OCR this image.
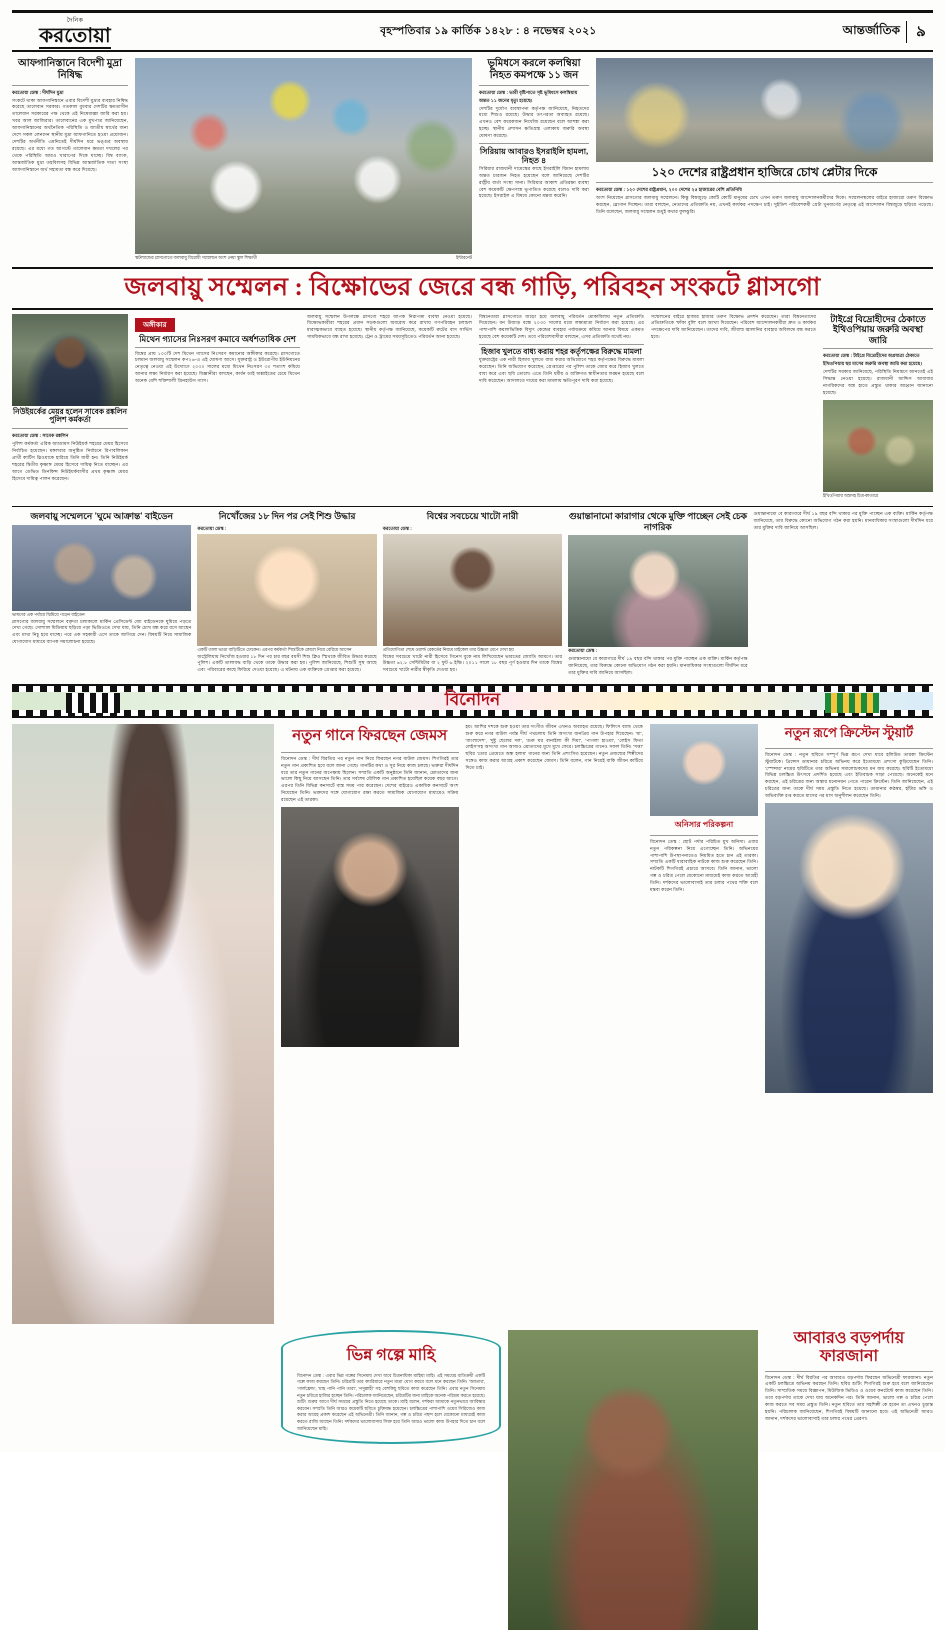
দৈনিক
করতোয়া	বৃহস্পতিবার ১৯ কার্তিক ১৪২৮ : ৪ নভেম্বর ২০২১	আন্তর্জাতিক ৯
আফগানিস্তানে বিদেশী মুদ্রা নিষিদ্ধ
করতোয়া ডেস্ক : দীর্ঘদিন মুদ্রা
সংকটে থাকা আফগানিস্তানে এবার বিদেশী মুদ্রার ব্যবহার নিষিদ্ধ করেছে তালেবান সরকার। গতকাল বুধবার দেশটির ক্ষমতাসীন তালেবান সরকারের পক্ষ থেকে এই নিষেধাজ্ঞা জারি করা হয়। খবর আল জাজিরার। তালেবানের এক মুখপাত্র জানিয়েছেন, আফগানিস্তানের অর্থনৈতিক পরিস্থিতি ও জাতীয় স্বার্থের জন্য দেশে সকল লেনদেন স্থানীয় মুদ্রা আফগানিতে হওয়া প্রয়োজন। দেশটির অর্থনীতি এমনিতেই দীর্ঘদিন ধরে ভঙ্গুর অবস্থায় রয়েছে। এর মধ্যে গত আগস্টে তালেবান ক্ষমতা দখলের পর থেকে পরিস্থিতি আরও খারাপের দিকে যাচ্ছে। বিশ্ব ব্যাংক, আন্তর্জাতিক মুদ্রা তহবিলসহ বিভিন্ন আন্তর্জাতিক দাতা সংস্থা আফগানিস্তানে অর্থ সহায়তা বন্ধ করে দিয়েছে।
স্কটল্যান্ডের গ্লাসগোতে জলবায়ু বিরোধী সম্মেলনে অংশ নেয়া স্কুল শিক্ষার্থী	ইন্টারনেট
ভূমিধসে করলে কলম্বিয়া নিহত কমপক্ষে ১১ জন
করতোয়া ডেস্ক : ভারী বৃষ্টিপাতে সৃষ্ট ভূমিধসে কলম্বিয়ায় অন্তত ১১ জনের মৃত্যু হয়েছে।
দেশটির দুর্যোগ ব্যবস্থাপনা কর্তৃপক্ষ জানিয়েছে, নিহতদের মধ্যে শিশুও রয়েছে। উদ্ধার তৎপরতা অব্যাহত রয়েছে। এখনও বেশ কয়েকজন নিখোঁজ রয়েছেন বলে আশঙ্কা করা হচ্ছে। স্থানীয় প্রশাসন ক্ষতিগ্রস্ত এলাকায় জরুরি অবস্থা ঘোষণা করেছে।
সিরিয়ায় আবারও ইসরাইলি হামলা, নিহত ৪
সিরিয়ার রাজধানী দামেস্কের কাছে ইসরাইলি বিমান হামলায় অন্তত চারজন নিহত হয়েছেন বলে জানিয়েছে দেশটির রাষ্ট্রীয় বার্তা সংস্থা সানা। সিরিয়ার আকাশ প্রতিরক্ষা ব্যবস্থা বেশ কয়েকটি ক্ষেপণাস্ত্র ভূপাতিত করেছে বলেও দাবি করা হয়েছে। ইসরাইল এ বিষয়ে কোনো মন্তব্য করেনি।
১২০ দেশের রাষ্ট্রপ্রধান হাজিরে চোখ প্লেটার দিকে
করতোয়া ডেস্ক : ১২০ দেশের রাষ্ট্রপ্রধান, ২০০ দেশের ২৫ হাজারের বেশি প্রতিনিধি
অংশ নিয়েছেন গ্লাসগোর জলবায়ু সম্মেলনে। কিন্তু বিশ্বজুড়ে কোটি কোটি মানুষের চোখ এখন তরুণ জলবায়ু আন্দোলনকর্মীদের দিকে। সম্মেলনস্থলের বাইরে হাজারো তরুণ বিক্ষোভ করছেন, স্লোগান দিচ্ছেন। তারা বলছেন, নেতাদের প্রতিশ্রুতি নয়, এখনই কার্যকর পদক্ষেপ চাই। সুইডিশ পরিবেশকর্মী গ্রেটা থুনবার্গের নেতৃত্বে এই আন্দোলন বিশ্বজুড়ে ছড়িয়ে পড়েছে। তিনি বলেছেন, জলবায়ু সম্মেলন শুধুই কথার ফুলঝুরি।
জলবায়ু সম্মেলন : বিক্ষোভের জেরে বন্ধ গাড়ি, পরিবহন সংকটে গ্লাসগো
নিউইয়র্কের মেয়র হলেন সাবেক রঙ্কলিন পুলিশ কর্মকর্তা
করতোয়া ডেস্ক : সাবেক রঙ্কলিন
পুলিশ কর্মকর্তা এরিক অ্যাডামস নিউইয়র্ক শহরের মেয়র হিসেবে নির্বাচিত হয়েছেন। মঙ্গলবার অনুষ্ঠিত নির্বাচনে রিপাবলিকান প্রার্থী কার্টিস স্লিওয়াকে হারিয়ে তিনি জয়ী হন। তিনি নিউইয়র্ক শহরের দ্বিতীয় কৃষ্ণাঙ্গ মেয়র হিসেবে দায়িত্ব নিতে যাচ্ছেন। এর আগে ডেভিড ডিনকিন্স নিউইয়র্কবাসীর প্রথম কৃষ্ণাঙ্গ মেয়র হিসেবে দায়িত্ব পালন করেছেন।
অঙ্গীকার
মিথেন গ্যাসের নিঃসরণ কমাবে অর্ধশতাধিক দেশ
বিশ্বের প্রায় ১০০টি দেশ মিথেন গ্যাসের নিঃসরণ কমানোর অঙ্গীকার করেছে। গ্লাসগোতে চলমান জলবায়ু সম্মেলন কপ২৬-এ এই ঘোষণা আসে। যুক্তরাষ্ট্র ও ইউরোপীয় ইউনিয়নের নেতৃত্বে নেওয়া এই উদ্যোগে ২০৩০ সালের মধ্যে মিথেন নিঃসরণ ৩০ শতাংশ কমিয়ে আনার লক্ষ্য নির্ধারণ করা হয়েছে। বিজ্ঞানীরা বলছেন, কার্বন ডাই অক্সাইডের চেয়ে মিথেন অনেক বেশি শক্তিশালী গ্রিনহাউস গ্যাস।
জলবায়ু সম্মেলন উপলক্ষে গ্লাসগো শহরে ব্যাপক নিরাপত্তা ব্যবস্থা নেওয়া হয়েছে। বিক্ষোভকারীরা শহরের প্রধান সড়কগুলো অবরোধ করে রাখায় গণপরিবহন চলাচল মারাত্মকভাবে ব্যাহত হয়েছে। স্থানীয় কর্তৃপক্ষ জানিয়েছে, কয়েকটি রুটের বাস সার্ভিস সাময়িকভাবে বন্ধ রাখা হয়েছে। ট্রেন ও ট্রামের সময়সূচিতেও পরিবর্তন আনা হয়েছে।
বিশ্বনেতারা গ্লাসগোতে জড়ো হয়ে জলবায়ু পরিবর্তন মোকাবিলায় নতুন প্রতিশ্রুতি দিয়েছেন। বন উজাড় বন্ধে ২০৩০ সালের মধ্যে লক্ষ্যমাত্রা নির্ধারণ করা হয়েছে। এর পাশাপাশি কয়লাভিত্তিক বিদ্যুৎ কেন্দ্রের ব্যবহার পর্যায়ক্রমে কমিয়ে আনার বিষয়ে একমত হয়েছে বেশ কয়েকটি দেশ। তবে পরিবেশবাদীরা বলছেন, এসব প্রতিশ্রুতি যথেষ্ট নয়।
হিজাব খুলতে বাধ্য করায় শহর কর্তৃপক্ষের বিরুদ্ধে মামলা
যুক্তরাষ্ট্রের এক নারী হিজাব খুলতে বাধ্য করার অভিযোগে শহর কর্তৃপক্ষের বিরুদ্ধে মামলা করেছেন। তিনি অভিযোগ করেছেন, গ্রেপ্তারের পর পুলিশ তাকে জোর করে হিজাব খুলতে বাধ্য করে এবং ছবি তোলে। এতে তিনি ধর্মীয় ও ব্যক্তিগত স্বাধীনতার লঙ্ঘন হয়েছে বলে দাবি করেছেন। আদালতে দায়ের করা মামলায় ক্ষতিপূরণ দাবি করা হয়েছে।
সম্মেলনের বাইরে হাজার হাজার তরুণ বিক্ষোভ প্রদর্শন করেছেন। তারা বিশ্বনেতাদের প্রতিশ্রুতিকে 'ফাঁকা বুলি' বলে আখ্যা দিয়েছেন। পরিবেশ আন্দোলনকর্মীরা দ্রুত ও কার্যকর পদক্ষেপের দাবি জানিয়েছেন। তাদের দাবি, জীবাশ্ম জ্বালানির ব্যবহার অবিলম্বে বন্ধ করতে হবে।
টাইগ্রে বিদ্রোহীদের ঠেকাতে ইথিওপিয়ায় জরুরি অবস্থা জারি
করতোয়া ডেস্ক : টাইগ্রে বিদ্রোহীদের অগ্রযাত্রা ঠেকাতে ইথিওপিয়ায় ছয় মাসের জরুরি অবস্থা জারি করা হয়েছে।
দেশটির সরকার জানিয়েছে, পরিস্থিতি নিয়ন্ত্রণে আনতেই এই সিদ্ধান্ত নেওয়া হয়েছে। রাজধানী আদ্দিস আবাবার নাগরিকদের অস্ত্র হাতে প্রস্তুত থাকার আহ্বান জানানো হয়েছে।
ইথিওপিয়ায় অস্ত্রসহ চিত্র-কাতারে
জলবায়ু সম্মেলনে 'ঘুমে আক্রান্ত' বাইডেন
ভাষণের এক পর্যায়ে ঝিমিয়ে পড়েন বাইডেন
গ্লাসগোর জলবায়ু সম্মেলনে বক্তৃতা চলাকালে মার্কিন প্রেসিডেন্ট জো বাইডেনকে ঘুমিয়ে পড়তে দেখা গেছে। সোশ্যাল মিডিয়ায় ছড়িয়ে পড়া ভিডিওতে দেখা যায়, তিনি চোখ বন্ধ করে বসে আছেন এবং মাথা নিচু হয়ে যাচ্ছে। পরে এক সহকারী এসে তাকে জাগিয়ে দেন। বিষয়টি নিয়ে সামাজিক যোগাযোগ মাধ্যমে ব্যাপক সমালোচনা হয়েছে।
নিখোঁজের ১৮ দিন পর সেই শিশু উদ্ধার
করতোয়া ডেস্ক :
একটি তালা ভাঙা বাড়িটিতে ঢোকেন। এরপর কর্মকর্তা শিশুটিকে কোলে নিয়ে বেরিয়ে আসেন
অস্ট্রেলিয়ায় নিখোঁজ হওয়ার ১৮ দিন পর চার বছর বয়সী শিশু ক্লিও স্মিথকে জীবিত উদ্ধার করেছে পুলিশ। একটি তালাবদ্ধ বাড়ি থেকে তাকে উদ্ধার করা হয়। পুলিশ জানিয়েছে, শিশুটি সুস্থ আছে এবং পরিবারের কাছে ফিরিয়ে দেওয়া হয়েছে। এ ঘটনায় এক ব্যক্তিকে গ্রেপ্তার করা হয়েছে।
বিশ্বের সবচেয়ে খাটো নারী
করতোয়া ডেস্ক :
প্রতিযোগিতা শেষে ওয়ার্ল্ড রেকর্ডের নিয়মে মাইকেল তার উচ্চতা মেপে দেখা হয়
বিশ্বের সবচেয়ে খাটো নারী হিসেবে গিনেস বুকে নাম লিখিয়েছেন ভারতের জ্যোতি আমগে। তার উচ্চতা ৬২.৮ সেন্টিমিটার বা ২ ফুট ৬ ইঞ্চি। ২০১১ সালে ১৮ বছর পূর্ণ হওয়ার দিন তাকে বিশ্বের সবচেয়ে খাটো নারীর স্বীকৃতি দেওয়া হয়।
গুয়ান্তানামো কারাগার থেকে মুক্তি পাচ্ছেন সেই চেক নাগরিক
করতোয়া ডেস্ক :
গুয়ান্তানামো বে কারাগারে দীর্ঘ ১৯ বছর বন্দি থাকার পর মুক্তি পাচ্ছেন এক ব্যক্তি। মার্কিন কর্তৃপক্ষ জানিয়েছে, তার বিরুদ্ধে কোনো অভিযোগ গঠন করা হয়নি। মানবাধিকার সংস্থাগুলো দীর্ঘদিন ধরে তার মুক্তির দাবি জানিয়ে আসছিল।
গুয়ান্তানামো বে কারাগারে দীর্ঘ ১৯ বছর বন্দি থাকার পর মুক্তি পাচ্ছেন এক ব্যক্তি। মার্কিন কর্তৃপক্ষ জানিয়েছে, তার বিরুদ্ধে কোনো অভিযোগ গঠন করা হয়নি। মানবাধিকার সংস্থাগুলো দীর্ঘদিন ধরে তার মুক্তির দাবি জানিয়ে আসছিল।
বিনোদন
নতুন গানে ফিরছেন জেমস
বিনোদন ডেস্ক : দীর্ঘ বিরতির পর নতুন গান নিয়ে ফিরছেন নগর বাউল জেমস। শিগগিরই তার নতুন গান প্রকাশিত হবে বলে জানা গেছে। গানটির কথা ও সুর নিয়ে কাজ চলছে। ভক্তরা দীর্ঘদিন ধরে তার নতুন গানের অপেক্ষায় ছিলেন। সম্প্রতি একটি অনুষ্ঠানে তিনি জানান, শ্রোতাদের জন্য ভালো কিছু নিয়ে আসছেন তিনি। তার সর্বশেষ মৌলিক গান প্রকাশিত হয়েছিল কয়েক বছর আগে। এরপর তিনি বিভিন্ন কনসার্টে ব্যস্ত সময় পার করেছেন। দেশের বাইরেও একাধিক কনসার্টে অংশ নিয়েছেন তিনি। ভক্তদের সঙ্গে যোগাযোগ রক্ষা করতে সামাজিক যোগাযোগ মাধ্যমেও সক্রিয় রয়েছেন এই তারকা।
হয়। আশির দশকে শুরু হওয়া তার সংগীত জীবন এখনও অব্যাহত রয়েছে। ফিলিংস ব্যান্ড থেকে শুরু করে নগর বাউল পর্যন্ত দীর্ঘ পথচলায় তিনি অসংখ্য জনপ্রিয় গান উপহার দিয়েছেন। 'মা', 'বাংলাদেশ', 'দুষ্টু ছেলের দল', 'গুরু ঘর বানাইলা কী দিয়া', 'পাগলা হাওয়া', 'লেইস ফিতা লেইস'সহ অসংখ্য গান আজও শ্রোতাদের মুখে মুখে ফেরে। চলচ্চিত্রের গানেও সফল তিনি। 'সত্তা' ছবির 'তোর প্রেমেতে অন্ধ হলাম' গানের জন্য তিনি প্রশংসিত হয়েছেন। নতুন প্রজন্মের শিল্পীদের সঙ্গেও কাজ করার আগ্রহ প্রকাশ করেছেন জেমস। তিনি বলেন, গান নিয়েই বাকি জীবন কাটিয়ে দিতে চাই।
অনিসার পরিকল্পনা
বিনোদন ডেস্ক : ছোট পর্দার পরিচিত মুখ অনিসা। এবার নতুন পরিকল্পনা নিয়ে এগোচ্ছেন তিনি। অভিনয়ের পাশাপাশি উপস্থাপনাতেও নিয়মিত হতে চান এই তারকা। সম্প্রতি একটি ধারাবাহিক নাটকে কাজ শুরু করেছেন তিনি। নাটকটি শিগগিরই প্রচারে আসবে। তিনি জানান, ভালো গল্প ও চরিত্র পেলে যেকোনো মাধ্যমেই কাজ করতে আগ্রহী তিনি। দর্শকদের ভালোবাসাই তার চলার পথের শক্তি বলে মন্তব্য করেন তিনি।
নতুন রূপে ক্রিস্টেন স্টুয়ার্ট
বিনোদন ডেস্ক : নতুন ছবিতে সম্পূর্ণ ভিন্ন রূপে দেখা যাবে হলিউড তারকা ক্রিস্টেন স্টুয়ার্টকে। প্রিন্সেস ডায়ানার চরিত্রে অভিনয় করে ইতোমধ্যে প্রশংসা কুড়িয়েছেন তিনি। 'স্পেন্সার' নামের ছবিটিতে তার অভিনয় সমালোচকদের মন জয় করেছে। ছবিটি ইতোমধ্যে বিভিন্ন চলচ্চিত্র উৎসবে প্রদর্শিত হয়েছে এবং ইতিবাচক সাড়া পেয়েছে। অনেকেই মনে করছেন, এই চরিত্রের জন্য অস্কার মনোনয়ন পেতে পারেন ক্রিস্টেন। তিনি জানিয়েছেন, এই চরিত্রের জন্য তাকে দীর্ঘ সময় প্রস্তুতি নিতে হয়েছে। ডায়ানার কণ্ঠস্বর, হাঁটার ভঙ্গি ও অভিব্যক্তি রপ্ত করতে মাসের পর মাস অনুশীলন করেছেন তিনি।
ভিন্ন গল্পে মাহি
বিনোদন ডেস্ক : এবার ভিন্ন গল্পের সিনেমায় দেখা যাবে চিত্রনায়িকা মাহিয়া মাহি। এই সময়ের ব্যতিক্রমী একটি গল্পে কাজ করছেন তিনি। চরিত্রটি তার ক্যারিয়ারে নতুন মাত্রা যোগ করবে বলে মনে করছেন তিনি। 'অবতার', 'গার্লফ্রেন্ড', 'মাহ পানি পানি তারা', 'নসুল্লাহী' সহ বেশকিছু ছবিতে কাজ করেছেন তিনি। এবার নতুন সিনেমায় নতুন চরিত্রে হাজির হচ্ছেন তিনি। পরিচালক জানিয়েছেন, চরিত্রটির জন্য মাহিকে অনেক পরিশ্রম করতে হয়েছে। শুটিং শুরুর আগে দীর্ঘ সময়ের প্রস্তুতি নিতে হয়েছে তাকে। মাহি বলেন, দর্শকরা আমাকে নতুনভাবে আবিষ্কার করবেন। সম্প্রতি তিনি আরও কয়েকটি ছবিতে চুক্তিবদ্ধ হয়েছেন। চলচ্চিত্রের পাশাপাশি ওয়েব সিরিজেও কাজ করার আগ্রহ প্রকাশ করেছেন এই অভিনেত্রী। তিনি জানান, গল্প ও চরিত্র পছন্দ হলে যেকোনো মাধ্যমেই কাজ করতে রাজি আছেন তিনি। দর্শকদের ভালোবাসায় সিক্ত হয়ে তিনি আরও ভালো কাজ উপহার দিতে চান বলে জানিয়েছেন মাহি।
আবারও বড়পর্দায় ফারজানা
বিনোদন ডেস্ক : দীর্ঘ বিরতির পর আবারও বড়পর্দায় ফিরছেন অভিনেত্রী ফারজানা। নতুন একটি চলচ্চিত্রে অভিনয় করছেন তিনি। ছবির শুটিং শিগগিরই শুরু হবে বলে জানিয়েছেন তিনি। সাম্প্রতিক সময়ে বিজ্ঞাপন, মিউজিক ভিডিও ও ওয়েব কনটেন্টে কাজ করেছেন তিনি। তবে বড়পর্দায় তাকে দেখা যায় অনেকদিন পর। তিনি জানান, ভালো গল্প ও চরিত্র পেলে কাজ করতে সব সময় প্রস্তুত তিনি। নতুন ছবিতে তার সহশিল্পী কে হবেন তা এখনও চূড়ান্ত হয়নি। পরিচালক জানিয়েছেন, শিগগিরই বিষয়টি জানানো হবে। এই অভিনেত্রী আরও জানান, দর্শকদের ভালোবাসাই তার চলার পথের প্রেরণা।
